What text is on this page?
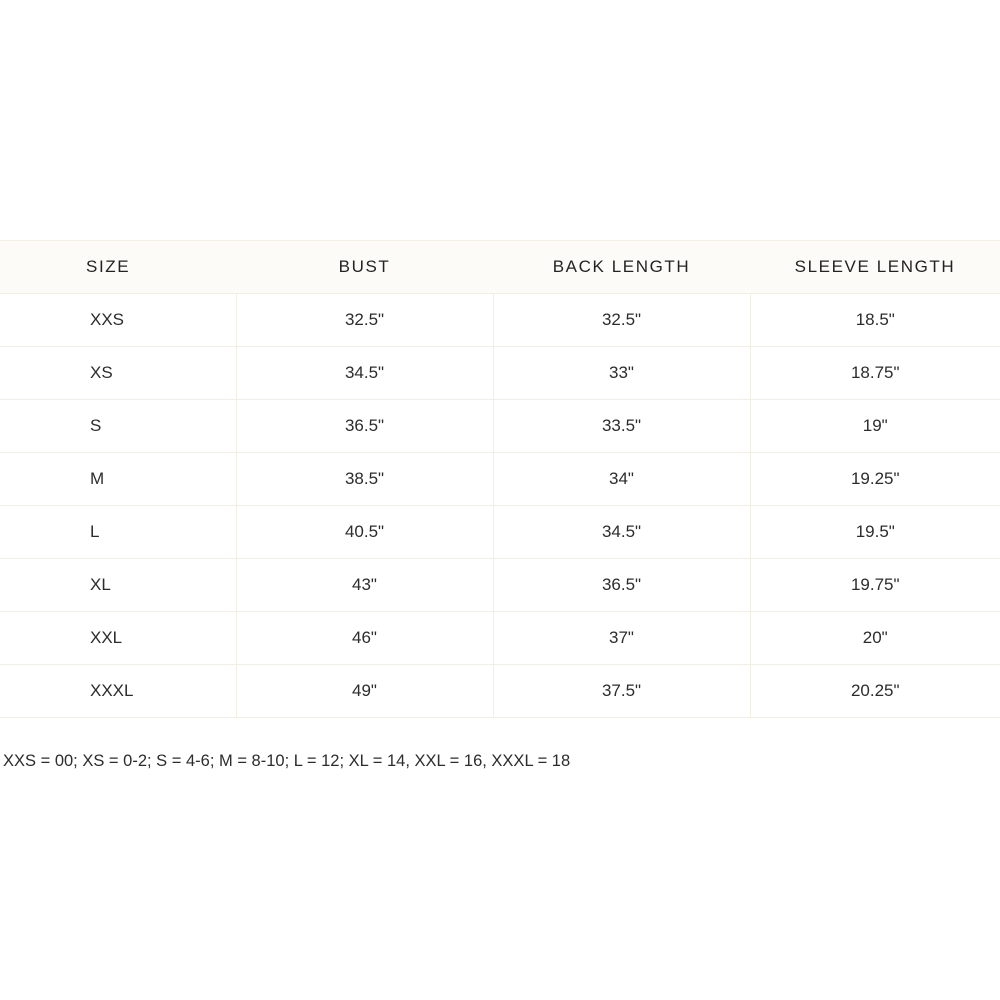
SIZE	BUST	BACK LENGTH	SLEEVE LENGTH
XXS	32.5"	32.5"	18.5"
XS	34.5"	33"	18.75"
S	36.5"	33.5"	19"
M	38.5"	34"	19.25"
L	40.5"	34.5"	19.5"
XL	43"	36.5"	19.75"
XXL	46"	37"	20"
XXXL	49"	37.5"	20.25"
XXS = 00; XS = 0-2; S = 4-6; M = 8-10; L = 12; XL = 14, XXL = 16, XXXL = 18
